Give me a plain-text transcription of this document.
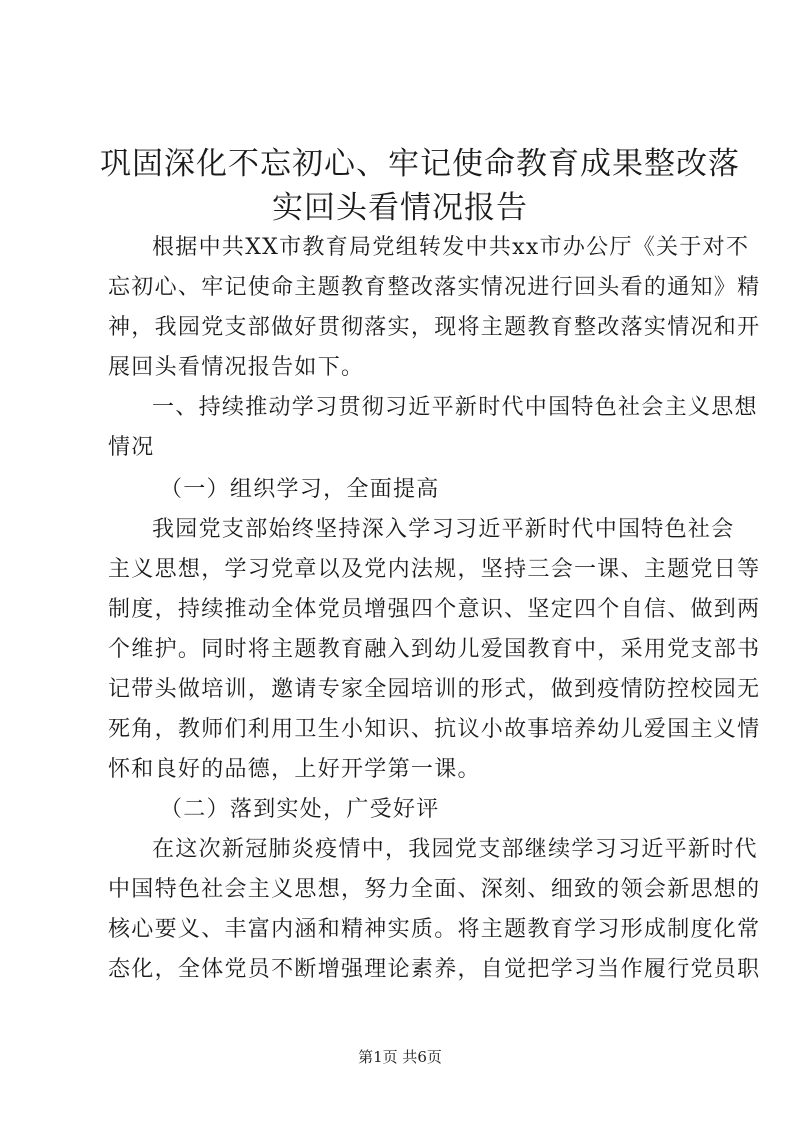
巩固深化不忘初心、牢记使命教育成果整改落
实回头看情况报告

根据中共XX市教育局党组转发中共xx市办公厅《关于对不
忘初心、牢记使命主题教育整改落实情况进行回头看的通知》精
神，我园党支部做好贯彻落实，现将主题教育整改落实情况和开
展回头看情况报告如下。

一、持续推动学习贯彻习近平新时代中国特色社会主义思想
情况

（一）组织学习，全面提高

我园党支部始终坚持深入学习习近平新时代中国特色社会
主义思想，学习党章以及党内法规，坚持三会一课、主题党日等
制度，持续推动全体党员增强四个意识、坚定四个自信、做到两
个维护。同时将主题教育融入到幼儿爱国教育中，采用党支部书
记带头做培训，邀请专家全园培训的形式，做到疫情防控校园无
死角，教师们利用卫生小知识、抗议小故事培养幼儿爱国主义情
怀和良好的品德，上好开学第一课。

（二）落到实处，广受好评

在这次新冠肺炎疫情中，我园党支部继续学习习近平新时代
中国特色社会主义思想，努力全面、深刻、细致的领会新思想的
核心要义、丰富内涵和精神实质。将主题教育学习形成制度化常
态化，全体党员不断增强理论素养，自觉把学习当作履行党员职

第1页 共6页
